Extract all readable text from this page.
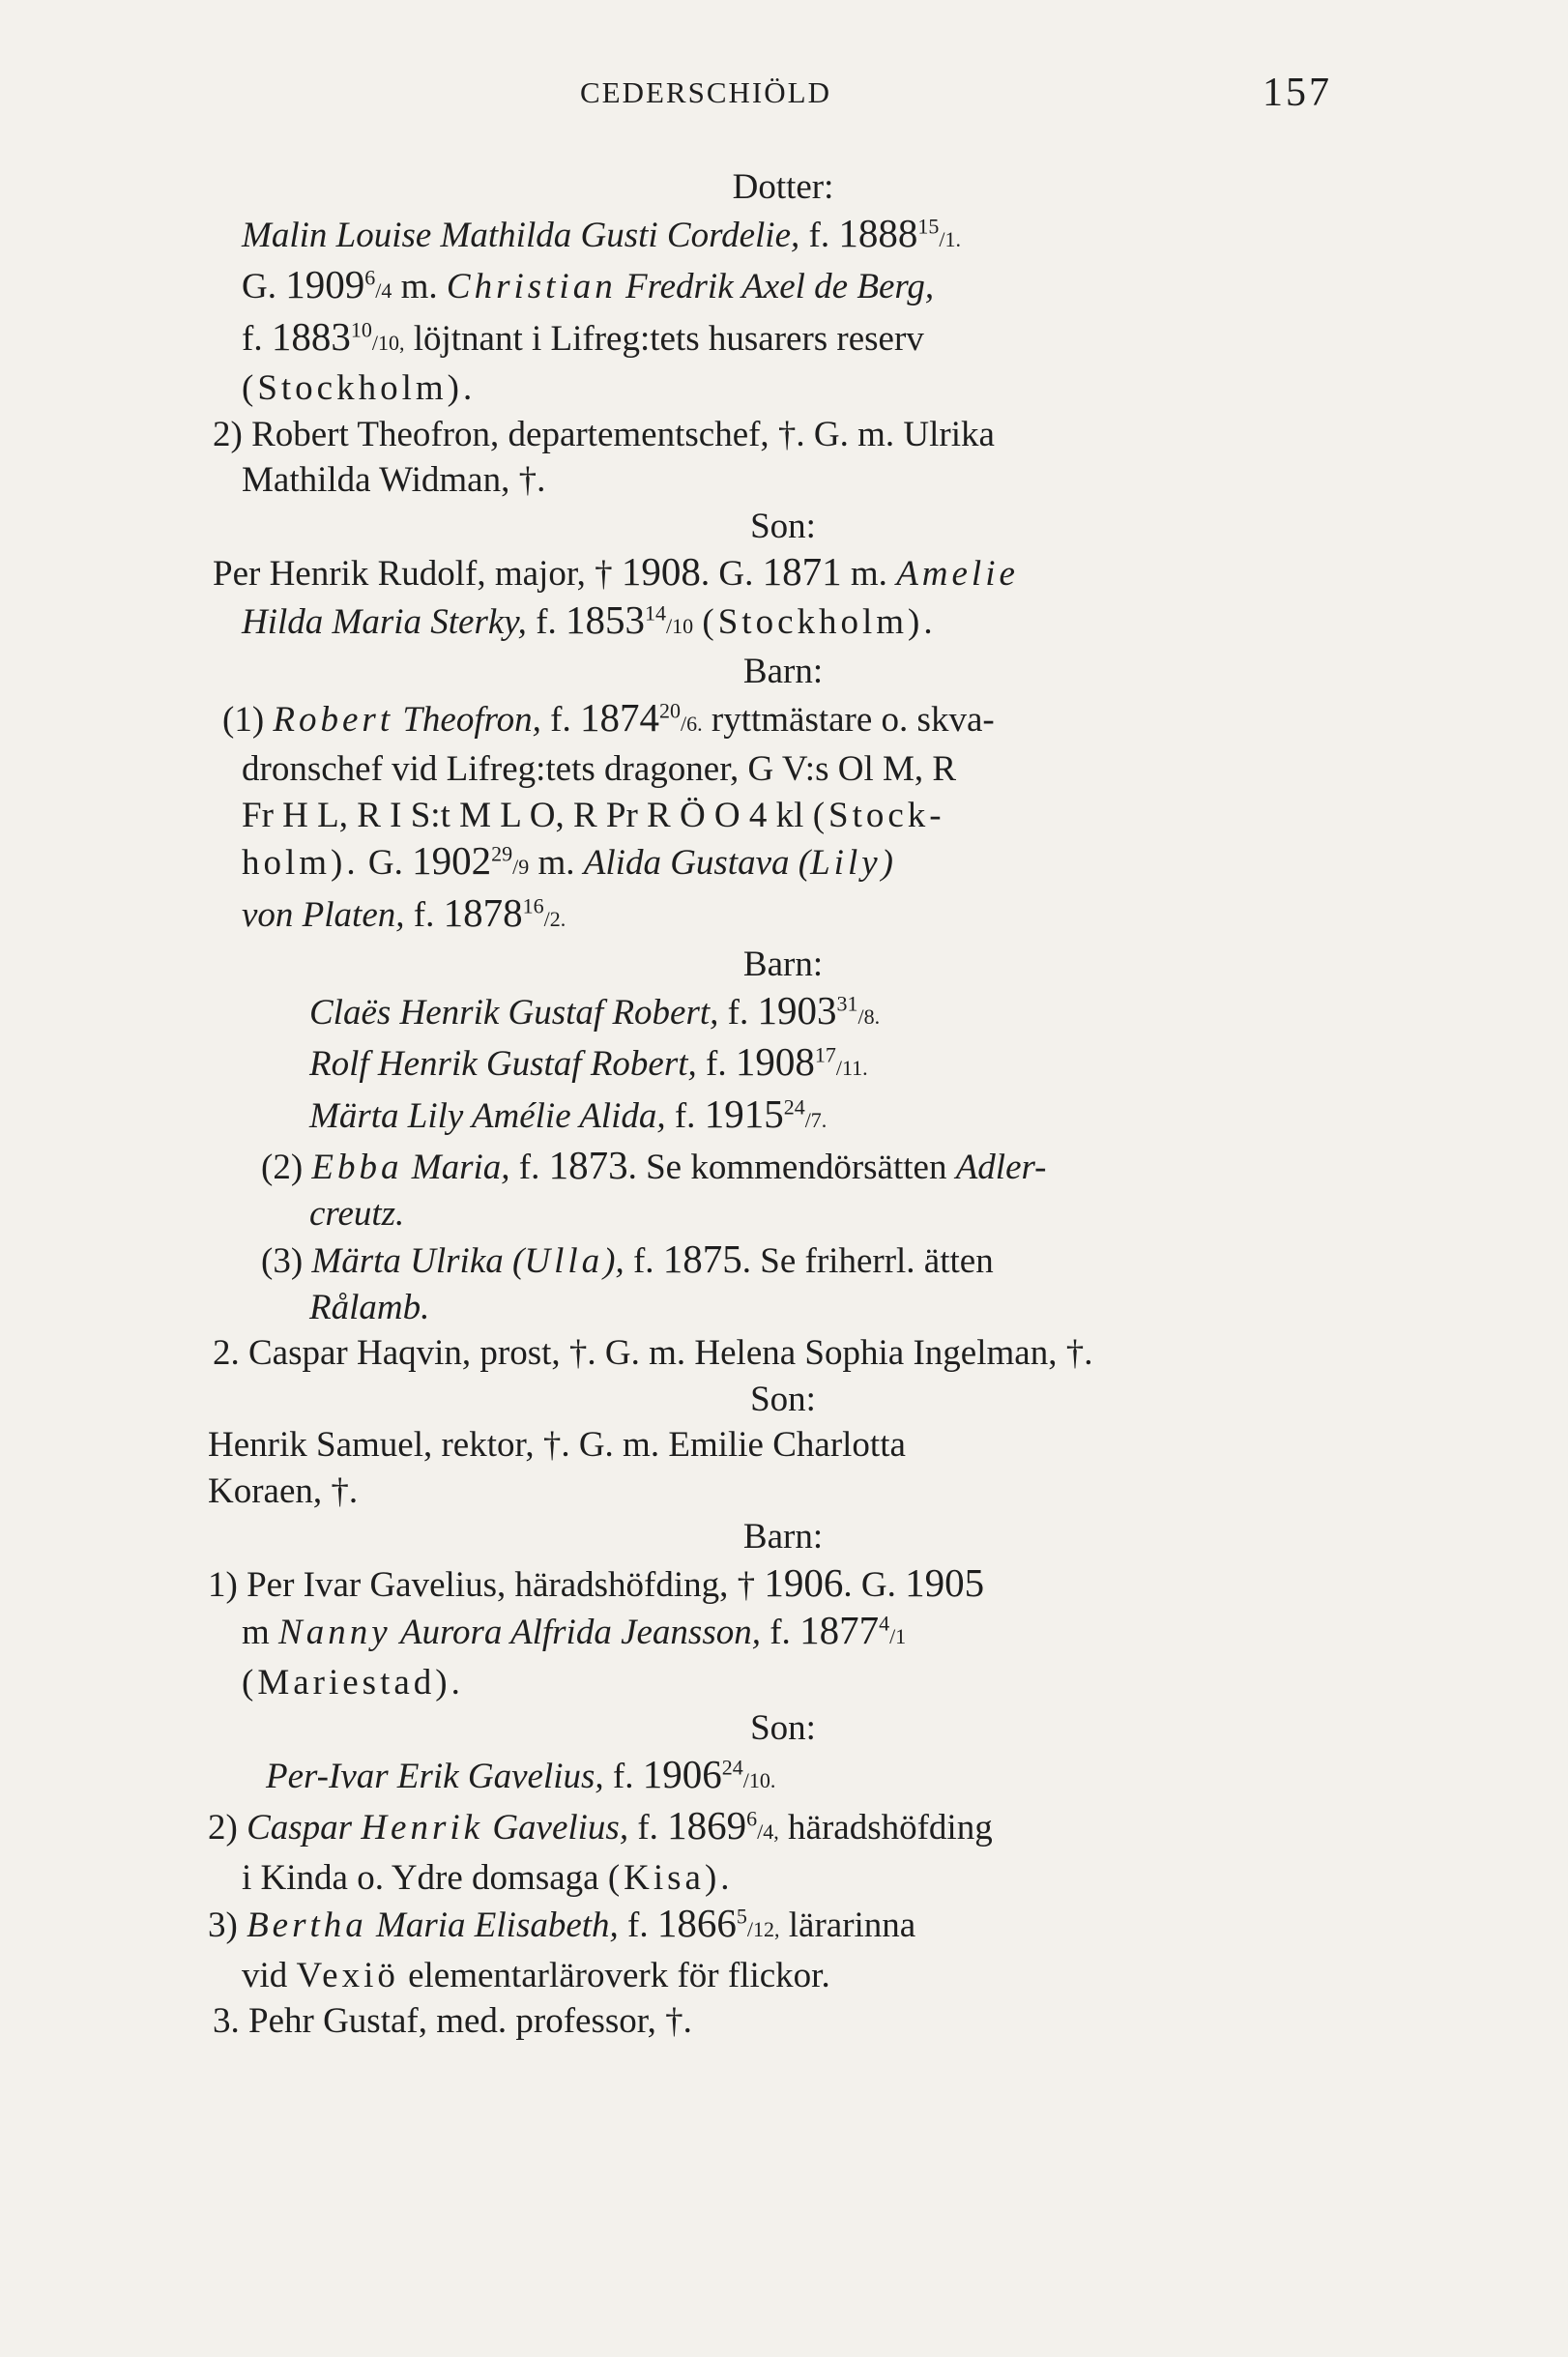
CEDERSCHIÖLD	157
Dotter:
Malin Louise Mathilda Gusti Cordelie, f. 1888$^{15}$/1.
G. 1909$^6$/4 m. Christian Fredrik Axel de Berg,
f. 1883$^{10}$/10, löjtnant i Lifreg:tets husarers reserv
(Stockholm).
2) Robert Theofron, departementschef, †. G. m. Ulrika
Mathilda Widman, †.
Son:
Per Henrik Rudolf, major, † 1908. G. 1871 m. Amelie
Hilda Maria Sterky, f. 1853$^{14}$/10 (Stockholm).
Barn:
(1) Robert Theofron, f. 1874$^{20}$/6. ryttmästare o. skva-
dronschef vid Lifreg:tets dragoner, G V:s Ol M, R
Fr H L, R I S:t M L O, R Pr R Ö O 4 kl (Stock-
holm). G. 1902$^{29}$/9 m. Alida Gustava (Lily)
von Platen, f. 1878$^{16}$/2.
Barn:
Claës Henrik Gustaf Robert, f. 1903$^{31}$/8.
Rolf Henrik Gustaf Robert, f. 1908$^{17}$/11.
Märta Lily Amélie Alida, f. 1915$^{24}$/7.
(2) Ebba Maria, f. 1873. Se kommendörsätten Adler-
creutz.
(3) Märta Ulrika (Ulla), f. 1875. Se friherrl. ätten
Rålamb.
2. Caspar Haqvin, prost, †. G. m. Helena Sophia Ingelman, †.
Son:
Henrik Samuel, rektor, †. G. m. Emilie Charlotta
Koraen, †.
Barn:
1) Per Ivar Gavelius, häradshöfding, † 1906. G. 1905
m Nanny Aurora Alfrida Jeansson, f. 1877$^4$/1
(Mariestad).
Son:
Per-Ivar Erik Gavelius, f. 1906$^{24}$/10.
2) Caspar Henrik Gavelius, f. 1869$^6$/4, häradshöfding
i Kinda o. Ydre domsaga (Kisa).
3) Bertha Maria Elisabeth, f. 1866$^5$/12, lärarinna
vid Vexiö elementarläroverk för flickor.
3. Pehr Gustaf, med. professor, †.
